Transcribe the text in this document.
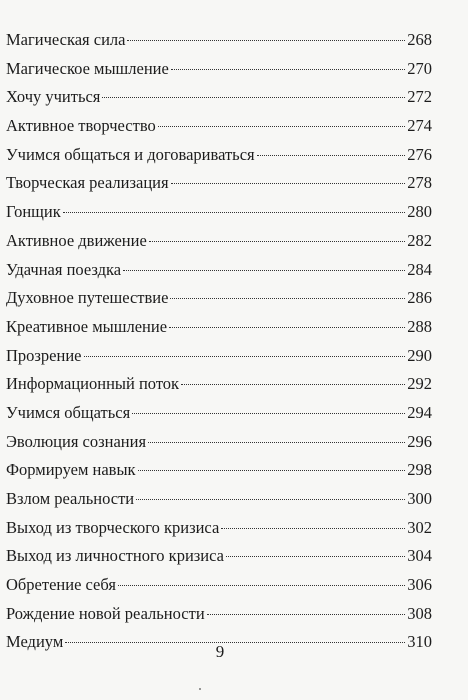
Магическая сила	268
Магическое мышление	270
Хочу учиться	272
Активное творчество	274
Учимся общаться и договариваться	276
Творческая реализация	278
Гонщик	280
Активное движение	282
Удачная поездка	284
Духовное путешествие	286
Креативное мышление	288
Прозрение	290
Информационный поток	292
Учимся общаться	294
Эволюция сознания	296
Формируем навык	298
Взлом реальности	300
Выход из творческого кризиса	302
Выход из личностного кризиса	304
Обретение себя	306
Рождение новой реальности	308
Медиум	310
9
